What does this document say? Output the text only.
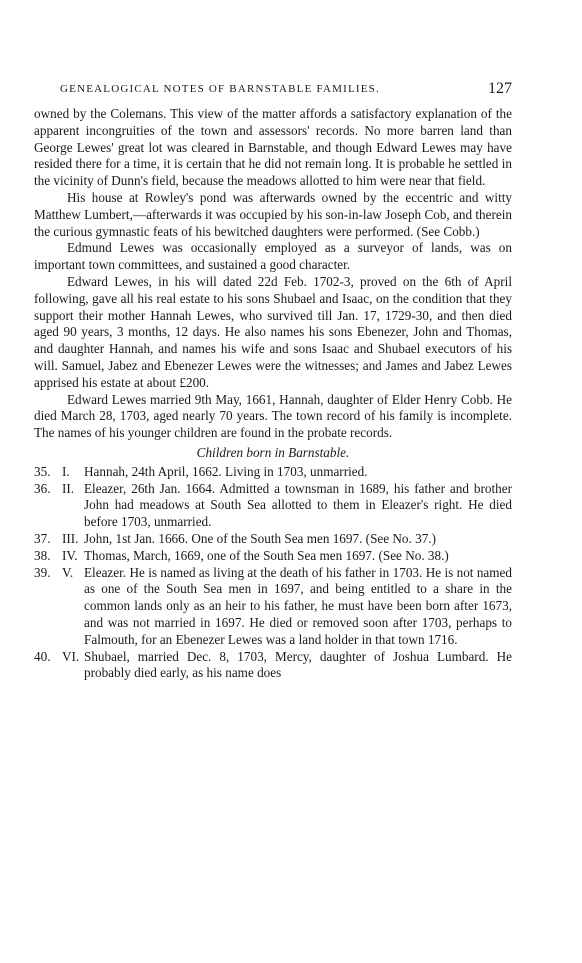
GENEALOGICAL NOTES OF BARNSTABLE FAMILIES.	127

owned by the Colemans. This view of the matter affords a satisfactory explanation of the apparent incongruities of the town and assessors' records. No more barren land than George Lewes' great lot was cleared in Barnstable, and though Edward Lewes may have resided there for a time, it is certain that he did not remain long. It is probable he settled in the vicinity of Dunn's field, because the meadows allotted to him were near that field.

His house at Rowley's pond was afterwards owned by the eccentric and witty Matthew Lumbert,—afterwards it was occupied by his son-in-law Joseph Cob, and therein the curious gymnastic feats of his bewitched daughters were performed. (See Cobb.)

Edmund Lewes was occasionally employed as a surveyor of lands, was on important town committees, and sustained a good character.

Edward Lewes, in his will dated 22d Feb. 1702-3, proved on the 6th of April following, gave all his real estate to his sons Shubael and Isaac, on the condition that they support their mother Hannah Lewes, who survived till Jan. 17, 1729-30, and then died aged 90 years, 3 months, 12 days. He also names his sons Ebenezer, John and Thomas, and daughter Hannah, and names his wife and sons Isaac and Shubael executors of his will. Samuel, Jabez and Ebenezer Lewes were the witnesses; and James and Jabez Lewes apprised his estate at about £200.

Edward Lewes married 9th May, 1661, Hannah, daughter of Elder Henry Cobb. He died March 28, 1703, aged nearly 70 years. The town record of his family is incomplete. The names of his younger children are found in the probate records.

Children born in Barnstable.

35. I.	Hannah, 24th April, 1662. Living in 1703, unmarried.
36. II. Eleazer, 26th Jan. 1664. Admitted a townsman in 1689, his father and brother John had meadows at South Sea allotted to them in Eleazer's right. He died before 1703, unmarried.
37. III. John, 1st Jan. 1666. One of the South Sea men 1697. (See No. 37.)
38. IV. Thomas, March, 1669, one of the South Sea men 1697. (See No. 38.)
39. V. Eleazer. He is named as living at the death of his father in 1703. He is not named as one of the South Sea men in 1697, and being entitled to a share in the common lands only as an heir to his father, he must have been born after 1673, and was not married in 1697. He died or removed soon after 1703, perhaps to Falmouth, for an Ebenezer Lewes was a land holder in that town 1716.
40. VI. Shubael, married Dec. 8, 1703, Mercy, daughter of Joshua Lumbard. He probably died early, as his name does
